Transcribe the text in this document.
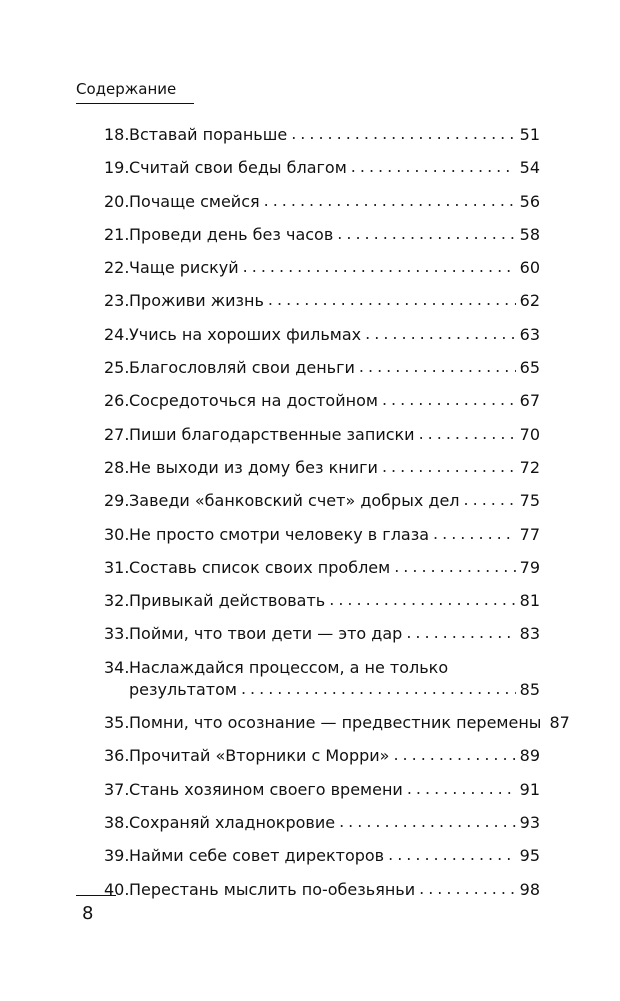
Содержание
18. Вставай пораньше .....	51
19. Считай свои беды благом .....	54
20. Почаще смейся .....	56
21. Проведи день без часов .....	58
22. Чаще рискуй .....	60
23. Проживи жизнь .....	62
24. Учись на хороших фильмах .....	63
25. Благословляй свои деньги .....	65
26. Сосредоточься на достойном .....	67
27. Пиши благодарственные записки .....	70
28. Не выходи из дому без книги .....	72
29. Заведи «банковский счет» добрых дел .....	75
30. Не просто смотри человеку в глаза .....	77
31. Составь список своих проблем .....	79
32. Привыкай действовать .....	81
33. Пойми, что твои дети — это дар .....	83
34. Наслаждайся процессом, а не только
результатом .....	85
35. Помни, что осознание — предвестник перемены 87
36. Прочитай «Вторники с Морри» .....	89
37. Стань хозяином своего времени .....	91
38. Сохраняй хладнокровие .....	93
39. Найми себе совет директоров .....	95
40. Перестань мыслить по-обезьяньи .....	98
8
